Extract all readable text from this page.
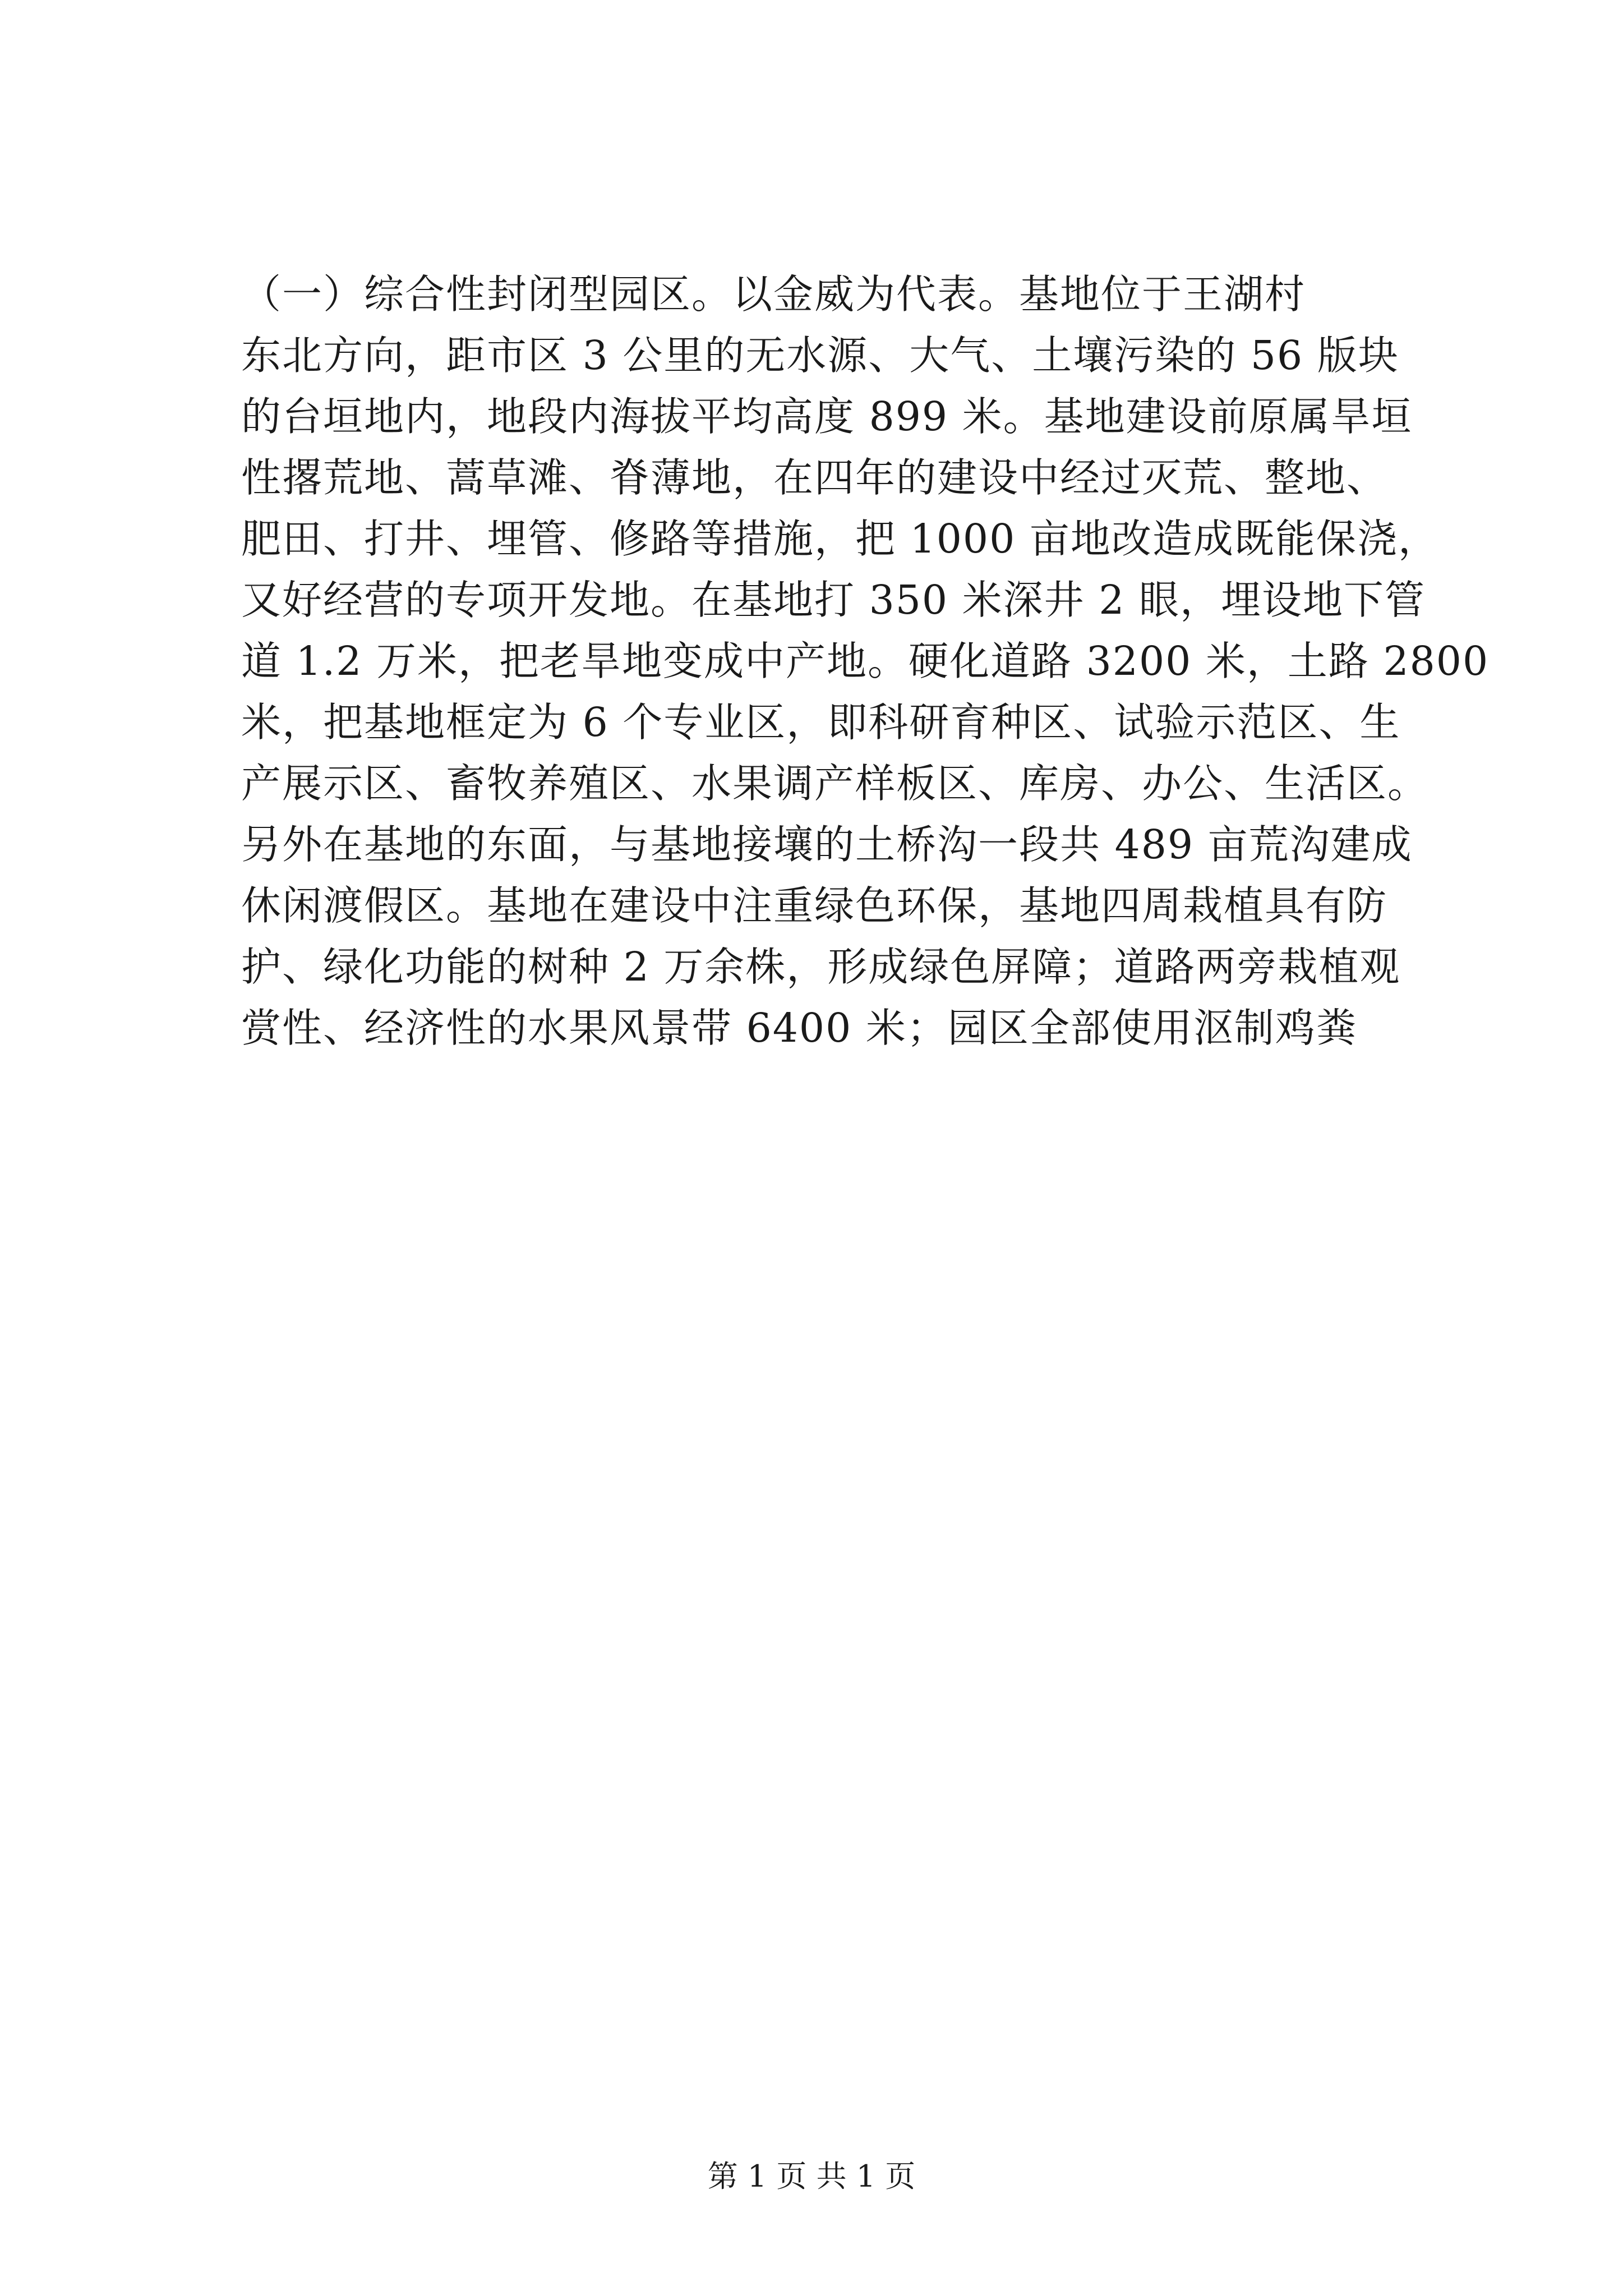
（一）综合性封闭型园区。以金威为代表。基地位于王湖村
东北方向，距市区 3 公里的无水源、大气、土壤污染的 56 版块
的台垣地内，地段内海拔平均高度 899 米。基地建设前原属旱垣
性撂荒地、蒿草滩、脊薄地，在四年的建设中经过灭荒、整地、
肥田、打井、埋管、修路等措施，把 1000 亩地改造成既能保浇，
又好经营的专项开发地。在基地打 350 米深井 2 眼，埋设地下管
道 1.2 万米，把老旱地变成中产地。硬化道路 3200 米，土路 2800
米，把基地框定为 6 个专业区，即科研育种区、试验示范区、生
产展示区、畜牧养殖区、水果调产样板区、库房、办公、生活区。
另外在基地的东面，与基地接壤的土桥沟一段共 489 亩荒沟建成
休闲渡假区。基地在建设中注重绿色环保，基地四周栽植具有防
护、绿化功能的树种 2 万余株，形成绿色屏障；道路两旁栽植观
赏性、经济性的水果风景带 6400 米；园区全部使用沤制鸡粪
第 1 页 共 1 页
